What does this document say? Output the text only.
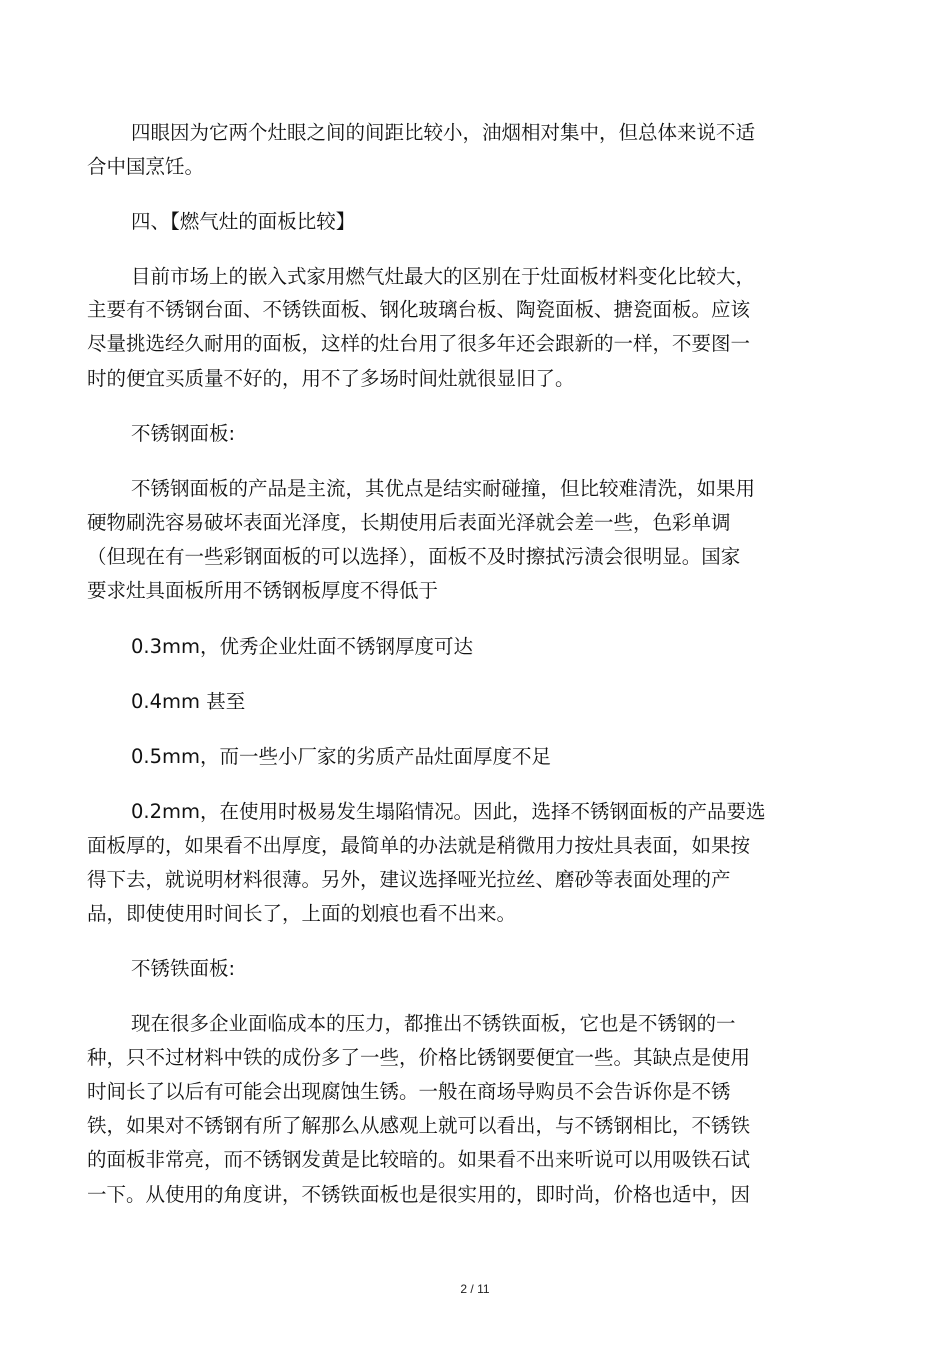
四眼因为它两个灶眼之间的间距比较小，油烟相对集中，但总体来说不适
合中国烹饪。
四、【燃气灶的面板比较】
目前市场上的嵌入式家用燃气灶最大的区别在于灶面板材料变化比较大，
主要有不锈钢台面、不锈铁面板、钢化玻璃台板、陶瓷面板、搪瓷面板。应该
尽量挑选经久耐用的面板，这样的灶台用了很多年还会跟新的一样，不要图一
时的便宜买质量不好的，用不了多场时间灶就很显旧了。
不锈钢面板:
不锈钢面板的产品是主流，其优点是结实耐碰撞，但比较难清洗，如果用
硬物刷洗容易破坏表面光泽度，长期使用后表面光泽就会差一些，色彩单调
（但现在有一些彩钢面板的可以选择），面板不及时擦拭污渍会很明显。国家
要求灶具面板所用不锈钢板厚度不得低于
0.3mm，优秀企业灶面不锈钢厚度可达
0.4mm 甚至
0.5mm，而一些小厂家的劣质产品灶面厚度不足
0.2mm，在使用时极易发生塌陷情况。因此，选择不锈钢面板的产品要选
面板厚的，如果看不出厚度，最简单的办法就是稍微用力按灶具表面，如果按
得下去，就说明材料很薄。另外，建议选择哑光拉丝、磨砂等表面处理的产
品，即使使用时间长了，上面的划痕也看不出来。
不锈铁面板:
现在很多企业面临成本的压力，都推出不锈铁面板，它也是不锈钢的一
种，只不过材料中铁的成份多了一些，价格比锈钢要便宜一些。其缺点是使用
时间长了以后有可能会出现腐蚀生锈。一般在商场导购员不会告诉你是不锈
铁，如果对不锈钢有所了解那么从感观上就可以看出，与不锈钢相比，不锈铁
的面板非常亮，而不锈钢发黄是比较暗的。如果看不出来听说可以用吸铁石试
一下。从使用的角度讲，不锈铁面板也是很实用的，即时尚，价格也适中，因
2 / 11
